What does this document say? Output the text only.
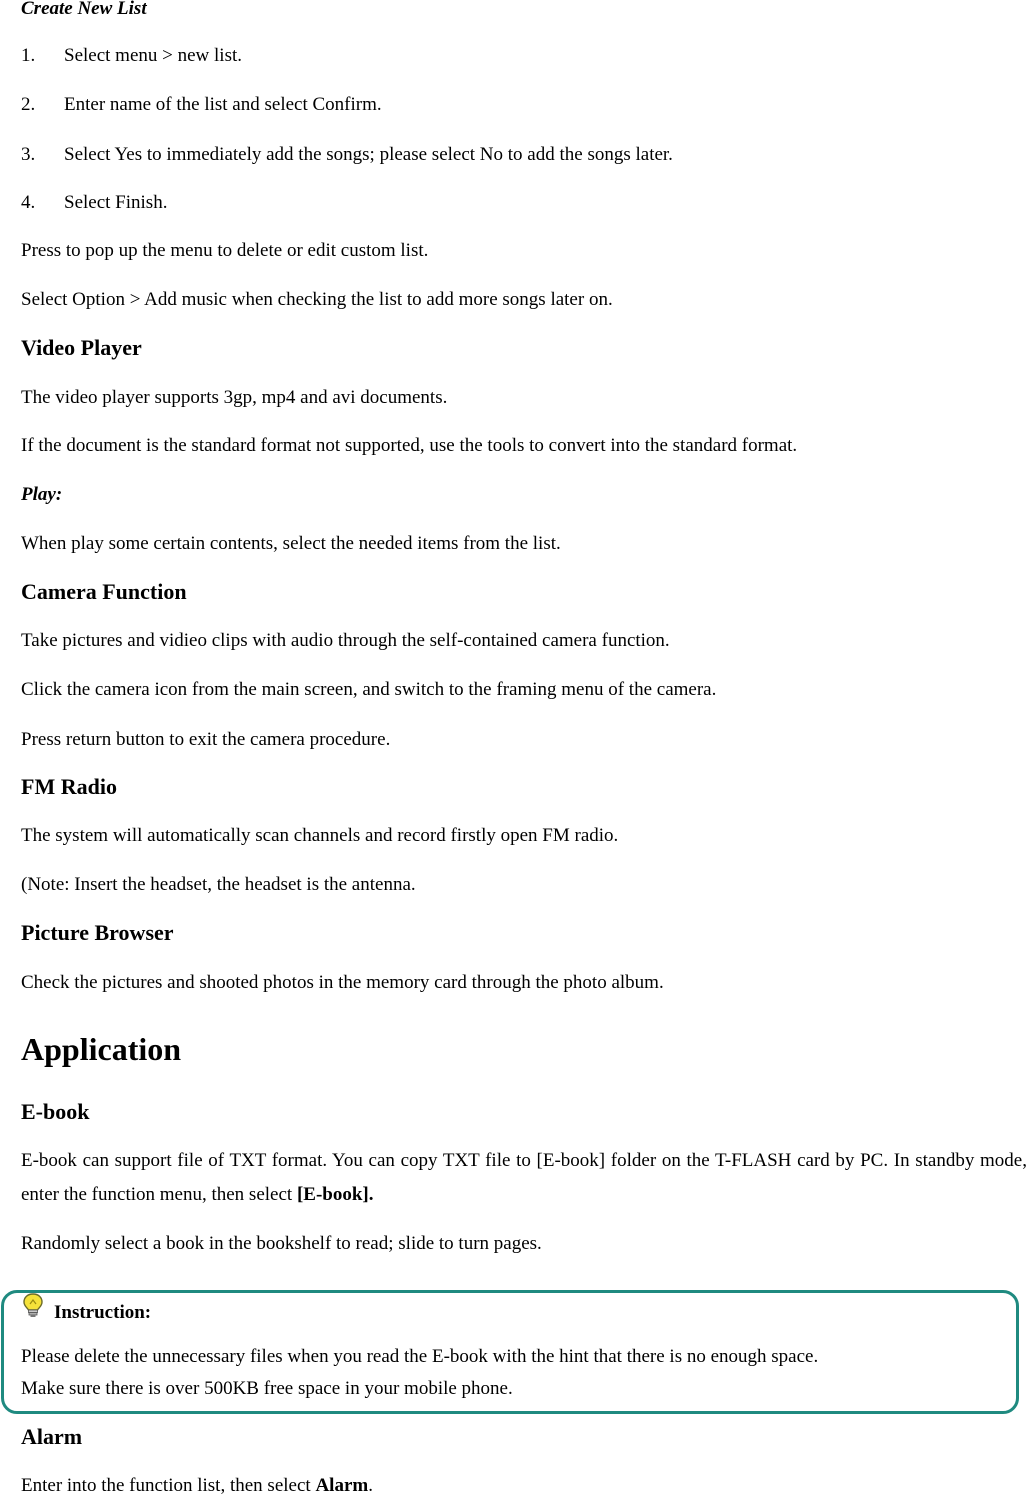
Create New List
1. Select menu > new list.
2. Enter name of the list and select Confirm.
3. Select Yes to immediately add the songs; please select No to add the songs later.
4. Select Finish.
Press to pop up the menu to delete or edit custom list.
Select Option > Add music when checking the list to add more songs later on.
Video Player
The video player supports 3gp, mp4 and avi documents.
If the document is the standard format not supported, use the tools to convert into the standard format.
Play:
When play some certain contents, select the needed items from the list.
Camera Function
Take pictures and vidieo clips with audio through the self-contained camera function.
Click the camera icon from the main screen, and switch to the framing menu of the camera.
Press return button to exit the camera procedure.
FM Radio
The system will automatically scan channels and record firstly open FM radio.
(Note: Insert the headset, the headset is the antenna.
Picture Browser
Check the pictures and shooted photos in the memory card through the photo album.
Application
E-book
E-book can support file of TXT format. You can copy TXT file to [E-book] folder on the T-FLASH card by PC. In standby mode, enter the function menu, then select [E-book].
Randomly select a book in the bookshelf to read; slide to turn pages.
Instruction:
Please delete the unnecessary files when you read the E-book with the hint that there is no enough space.
Make sure there is over 500KB free space in your mobile phone.
Alarm
Enter into the function list, then select Alarm.
